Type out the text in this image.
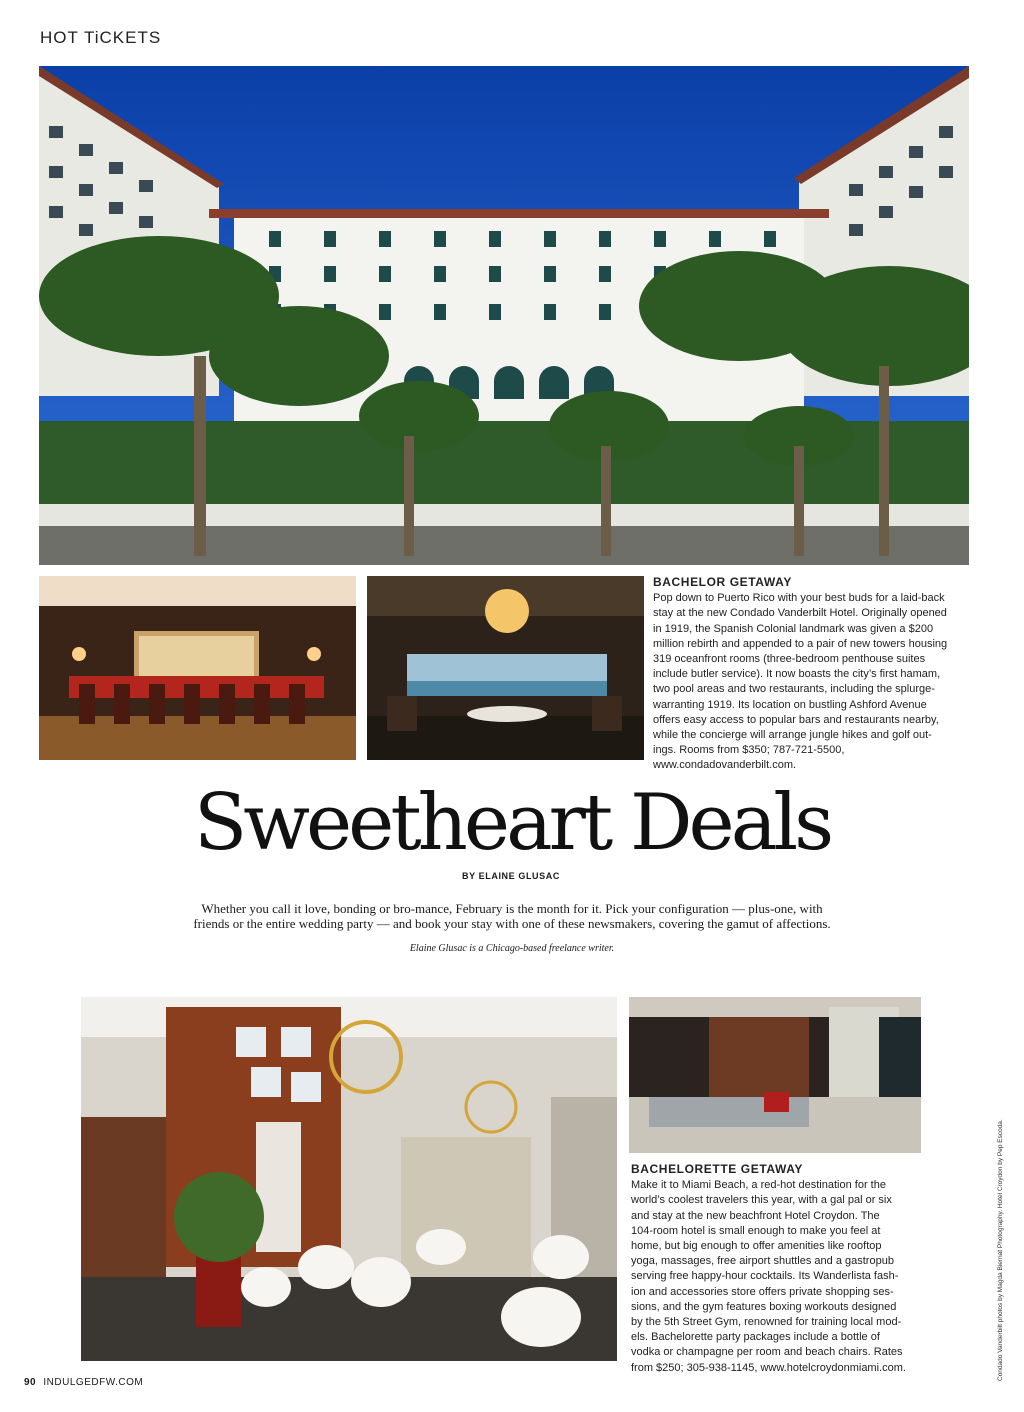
HOT TiCKETS
BACHELOR GETAWAY
Pop down to Puerto Rico with your best buds for a laid-back
stay at the new Condado Vanderbilt Hotel. Originally opened
in 1919, the Spanish Colonial landmark was given a $200
million rebirth and appended to a pair of new towers housing
319 oceanfront rooms (three-bedroom penthouse suites
include butler service). It now boasts the city’s first hamam,
two pool areas and two restaurants, including the splurge-
warranting 1919. Its location on bustling Ashford Avenue
offers easy access to popular bars and restaurants nearby,
while the concierge will arrange jungle hikes and golf out-
ings. Rooms from $350; 787-721-5500,
www.condadovanderbilt.com.
Sweetheart Deals
BY ELAINE GLUSAC
Whether you call it love, bonding or bro-mance, February is the month for it. Pick your configuration — plus-one, with
friends or the entire wedding party — and book your stay with one of these newsmakers, covering the gamut of affections.
Elaine Glusac is a Chicago-based freelance writer.
BACHELORETTE GETAWAY
Make it to Miami Beach, a red-hot destination for the
world’s coolest travelers this year, with a gal pal or six
and stay at the new beachfront Hotel Croydon. The
104-room hotel is small enough to make you feel at
home, but big enough to offer amenities like rooftop
yoga, massages, free airport shuttles and a gastropub
serving free happy-hour cocktails. Its Wanderlista fash-
ion and accessories store offers private shopping ses-
sions, and the gym features boxing workouts designed
by the 5th Street Gym, renowned for training local mod-
els. Bachelorette party packages include a bottle of
vodka or champagne per room and beach chairs. Rates
from $250; 305-938-1145, www.hotelcroydonmiami.com.	Condado Vanderbilt photos by Magda Biernat Photography. Hotel Croydon by Pep Escoda.
90 INDULGEDFW.COM
